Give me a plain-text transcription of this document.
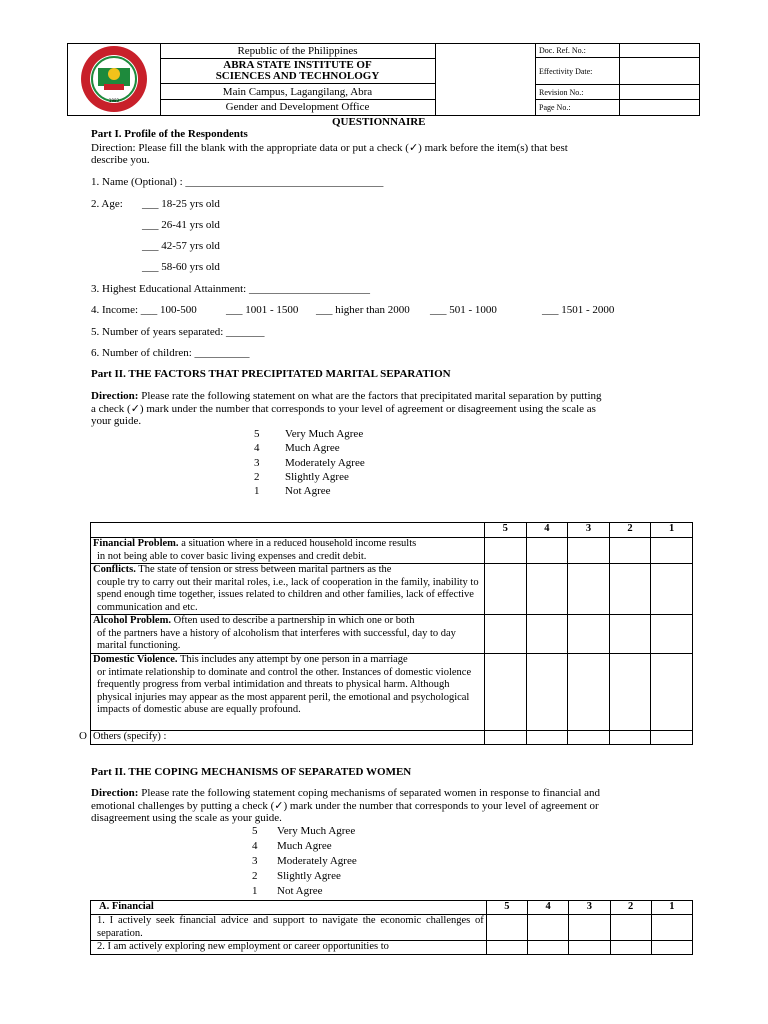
1983
Republic of the Philippines
ABRA STATE INSTITUTE OF
SCIENCES AND TECHNOLOGY
Main Campus, Lagangilang, Abra
Gender and Development Office
Doc. Ref. No.:
Effectivity Date:
Revision No.:
Page No.:
QUESTIONNAIRE
Part I. Profile of the Respondents
Direction: Please fill the blank with the appropriate data or put a check (✓) mark before the item(s) that best
describe you.
1. Name (Optional) : ____________________________________
2. Age: ___ 18-25 yrs old
___ 26-41 yrs old
___ 42-57 yrs old
___ 58-60 yrs old
3. Highest Educational Attainment: ______________________
4. Income: ___ 100-500	___ 1001 - 1500 ___ higher than 2000 ___ 501 - 1000	___ 1501 - 2000
5. Number of years separated: _______
6. Number of children: __________
Part II. THE FACTORS THAT PRECIPITATED MARITAL SEPARATION
Direction: Please rate the following statement on what are the factors that precipitated marital separation by putting
a check (✓) mark under the number that corresponds to your level of agreement or disagreement using the scale as
your guide.
5 Very Much Agree
4 Much Agree
3 Moderately Agree
2 Slightly Agree
1 Not Agree
	5	4	3	2	1
Financial Problem. a situation where in a reduced household income results
in not being able to cover basic living expenses and credit debit.					
Conflicts. The state of tension or stress between marital partners as the
couple try to carry out their marital roles, i.e., lack of cooperation in the family, inability to spend enough time together, issues related to children and other families, lack of effective communication and etc.					

Alcohol Problem. Often used to describe a partnership in which one or both
of the partners have a history of alcoholism that interferes with successful, day to day marital functioning.					

Domestic Violence. This includes any attempt by one person in a marriage
or intimate relationship to dominate and control the other. Instances of domestic violence frequently progress from verbal intimidation and threats to physical harm. Although physical injuries may appear as the most apparent peril, the emotional and psychological impacts of domestic abuse are equally profound.					

Others (specify) :					
O
Part II. THE COPING MECHANISMS OF SEPARATED WOMEN
Direction: Please rate the following statement coping mechanisms of separated women in response to financial and
emotional challenges by putting a check (✓) mark under the number that corresponds to your level of agreement or
disagreement using the scale as your guide.
5 Very Much Agree
4 Much Agree
3 Moderately Agree
2 Slightly Agree
1 Not Agree
A. Financial	5	4	3	2	1
1. I actively seek financial advice and support to navigate the economic challenges of separation.					
2. I am actively exploring new employment or career opportunities to					
